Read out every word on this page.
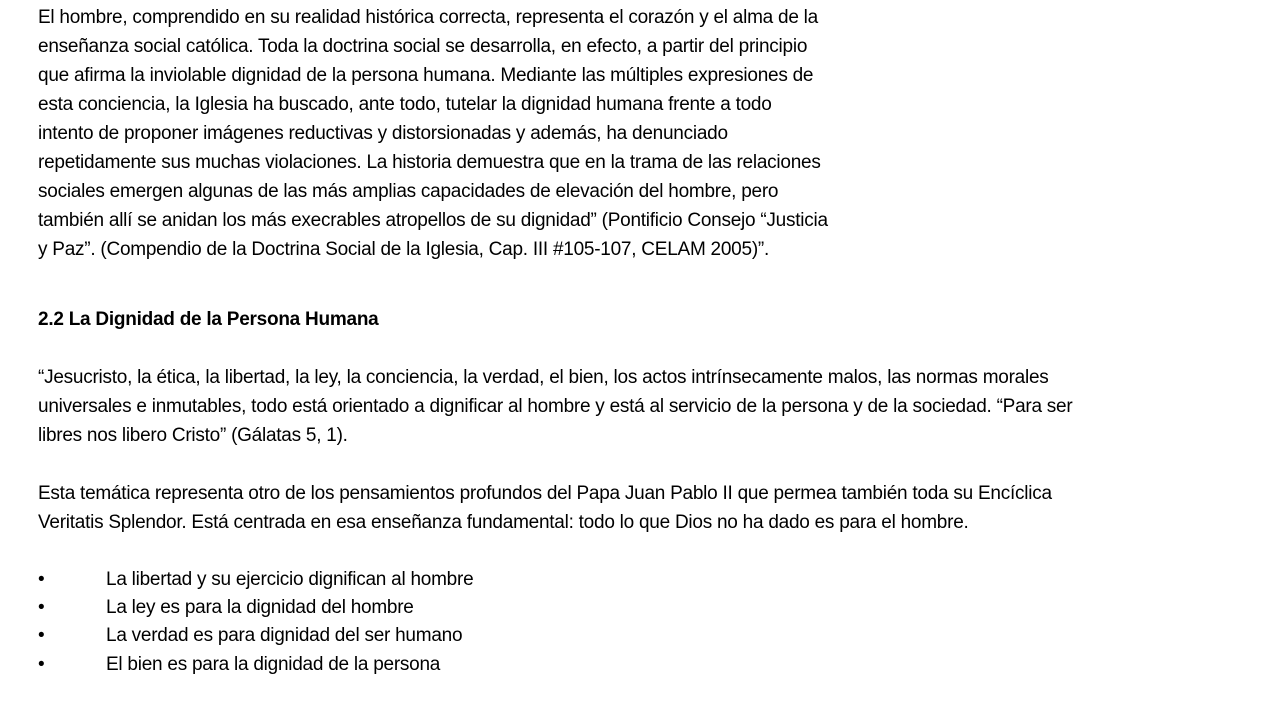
El hombre, comprendido en su realidad histórica correcta, representa el corazón y el alma de la
enseñanza social católica. Toda la doctrina social se desarrolla, en efecto, a partir del principio
que afirma la inviolable dignidad de la persona humana. Mediante las múltiples expresiones de
esta conciencia, la Iglesia ha buscado, ante todo, tutelar la dignidad humana frente a todo
intento de proponer imágenes reductivas y distorsionadas y además, ha denunciado
repetidamente sus muchas violaciones. La historia demuestra que en la trama de las relaciones
sociales emergen algunas de las más amplias capacidades de elevación del hombre, pero
también allí se anidan los más execrables atropellos de su dignidad” (Pontificio Consejo “Justicia
y Paz”. (Compendio de la Doctrina Social de la Iglesia, Cap. III #105-107, CELAM 2005)”.
2.2 La Dignidad de la Persona Humana
“Jesucristo, la ética, la libertad, la ley, la conciencia, la verdad, el bien, los actos intrínsecamente malos, las normas morales
universales e inmutables, todo está orientado a dignificar al hombre y está al servicio de la persona y de la sociedad. “Para ser
libres nos libero Cristo” (Gálatas 5, 1).
Esta temática representa otro de los pensamientos profundos del Papa Juan Pablo II que permea también toda su Encíclica
Veritatis Splendor. Está centrada en esa enseñanza fundamental: todo lo que Dios no ha dado es para el hombre.
•	La libertad y su ejercicio dignifican al hombre
•	La ley es para la dignidad del hombre
•	La verdad es para dignidad del ser humano
•	El bien es para la dignidad de la persona
